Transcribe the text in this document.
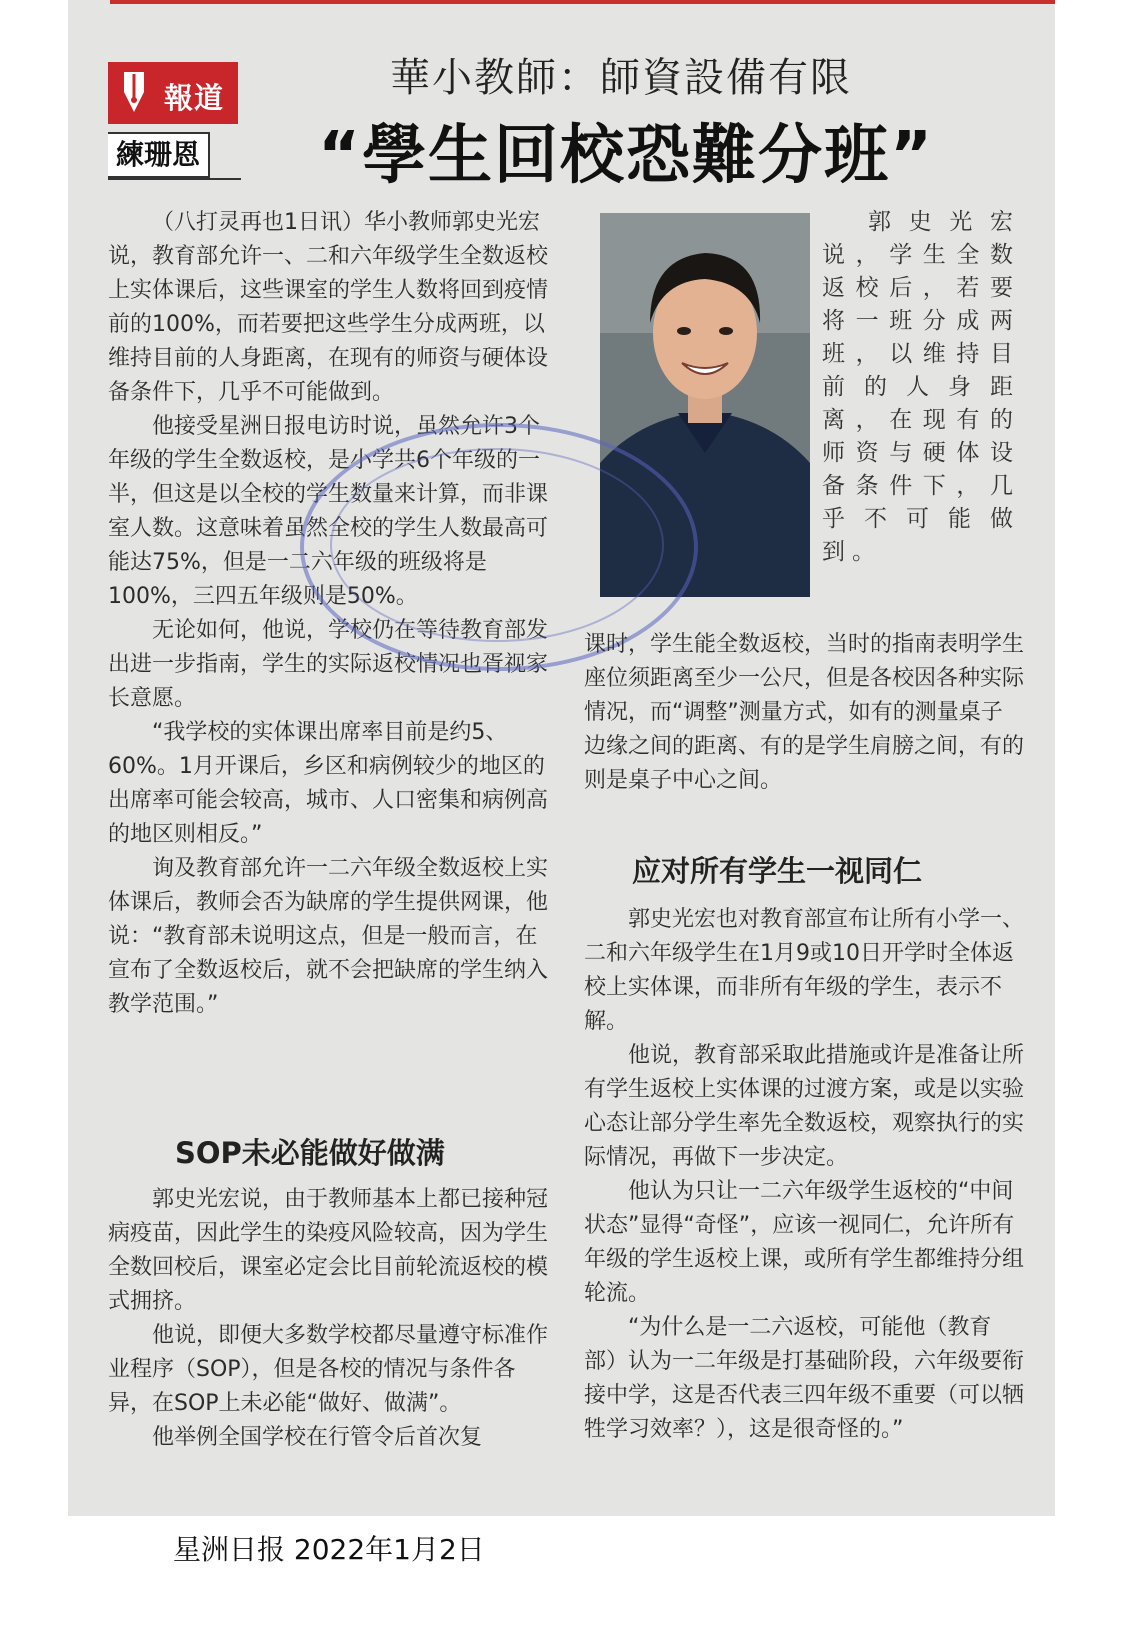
報道
練珊恩
華小教師：師資設備有限
“學生回校恐難分班”

（八打灵再也1日讯）华小教师郭史光宏说，教育部允许一、二和六年级学生全数返校上实体课后，这些课室的学生人数将回到疫情前的100%，而若要把这些学生分成两班，以维持目前的人身距离，在现有的师资与硬体设备条件下，几乎不可能做到。

他接受星洲日报电访时说，虽然允许3个年级的学生全数返校，是小学共6个年级的一半，但这是以全校的学生数量来计算，而非课室人数。这意味着虽然全校的学生人数最高可能达75%，但是一二六年级的班级将是100%，三四五年级则是50%。

无论如何，他说，学校仍在等待教育部发出进一步指南，学生的实际返校情况也胥视家长意愿。

“我学校的实体课出席率目前是约5、60%。1月开课后，乡区和病例较少的地区的出席率可能会较高，城市、人口密集和病例高的地区则相反。”

询及教育部允许一二六年级全数返校上实体课后，教师会否为缺席的学生提供网课，他说：“教育部未说明这点，但是一般而言，在宣布了全数返校后，就不会把缺席的学生纳入教学范围。”

SOP未必能做好做满

郭史光宏说，由于教师基本上都已接种冠病疫苗，因此学生的染疫风险较高，因为学生全数回校后，课室必定会比目前轮流返校的模式拥挤。

他说，即便大多数学校都尽量遵守标准作业程序（SOP），但是各校的情况与条件各异，在SOP上未必能“做好、做满”。

他举例全国学校在行管令后首次复

郭史光宏说，学生全数返校后，若要将一班分成两班，以维持目前的人身距离，在现有的师资与硬体设备条件下，几乎不可能做到。

课时，学生能全数返校，当时的指南表明学生座位须距离至少一公尺，但是各校因各种实际情况，而“调整”测量方式，如有的测量桌子边缘之间的距离、有的是学生肩膀之间，有的则是桌子中心之间。

应对所有学生一视同仁

郭史光宏也对教育部宣布让所有小学一、二和六年级学生在1月9或10日开学时全体返校上实体课，而非所有年级的学生，表示不解。

他说，教育部采取此措施或许是准备让所有学生返校上实体课的过渡方案，或是以实验心态让部分学生率先全数返校，观察执行的实际情况，再做下一步决定。

他认为只让一二六年级学生返校的“中间状态”显得“奇怪”，应该一视同仁，允许所有年级的学生返校上课，或所有学生都维持分组轮流。

“为什么是一二六返校，可能他（教育部）认为一二年级是打基础阶段，六年级要衔接中学，这是否代表三四年级不重要（可以牺牲学习效率？），这是很奇怪的。”

星洲日报 2022年1月2日
